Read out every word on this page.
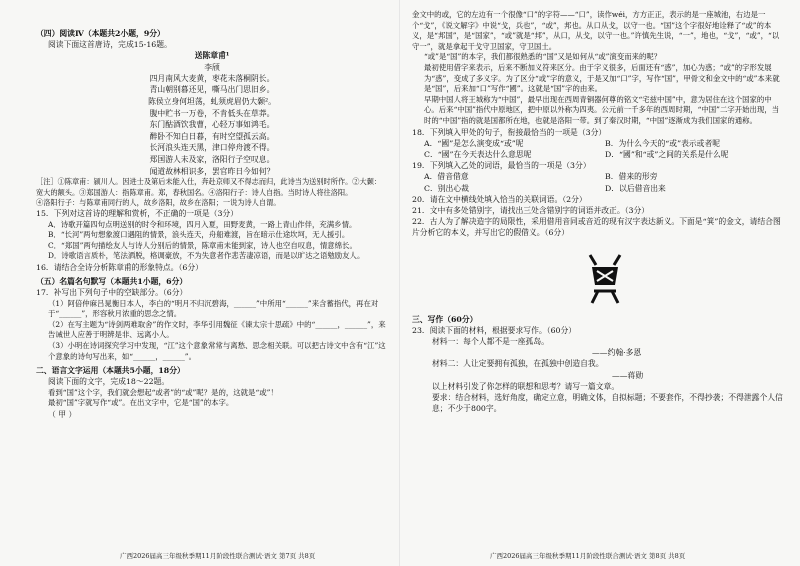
（四）阅读Ⅳ（本题共2小题，9分）
阅读下面这首唐诗，完成15-16题。
送陈章甫¹
李颀
四月南风大麦黄，枣花未落桐阴长。
青山朝别暮还见，嘶马出门思旧乡。
陈侯立身何坦荡，虬须虎眉仍大颡²。
腹中贮书一万卷，不肯低头在草莽。
东门酤酒饮我曹，心轻万事如鸿毛。
醉卧不知白日暮，有时空望孤云高。
长河浪头连天黑，津口停舟渡不得。
郑国游人未及家，洛阳行子空叹息。
闻道故林相识多，罢官昨日今如何？
［注］①陈章甫：颍川人。因进士及第后未能入仕，奔赴京师又不得志而归，此诗当为送别时所作。②大颡：宽大的额头。③郑国游人：指陈章甫。郑，春秋国名。④洛阳行子：诗人自指。当时诗人将往洛阳。
④洛阳行子：与陈章甫同行的人，故乡洛阳，故乡在洛阳；一说为诗人自谓。
15．下列对这首诗的理解和赏析，不正确的一项是（3分）
A．诗歌开篇四句点明送别的时令和环境，四月入夏，田野麦黄，一路上青山作伴，充满乡情。
B．“长河”两句想象渡口遇阻的情景，浪头连天，舟船难渡，旨在暗示仕途坎坷，无人援引。
C．“郑国”两句描绘友人与诗人分别后的情景，陈章甫未能到家，诗人也空自叹息，情意绵长。
D．诗歌语言质朴，笔法洒脱，格调豪放，不为失意者作悲苦凄凉语，而是以旷达之语勉励友人。
16．请结合全诗分析陈章甫的形象特点。（6分）
（五）名篇名句默写（本题共1小题，6分）
17．补写出下列句子中的空缺部分。（6分）
（1）阿倍仲麻吕晁衡日本人，李白的“明月不归沉碧海，______”中所用“______”来含蓄指代，再在对于“______”，形容秋月浓重的思念之情。
（2）在写主题为“诗剑两难取舍”的作文时，李华引用魏征《谏太宗十思疏》中的“______，______”，来告诫世人应善于明辨是非、远离小人。
（3）小明在诗词探究学习中发现，“江”这个意象常常与离愁、思念相关联。可以把古诗文中含有“江”这个意象的诗句写出来，如“______，______”。
二、语言文字运用（本题共5小题，18分）
阅读下面的文字，完成18～22题。
看到“国”这个字，我们就会想起“或者”的“或”呢？是的，这就是“或”！
最初“国”字就写作“或”。在出文字中，它是“国”的本字。
（ 甲 ）
广西2026届高三年级秋季期11月阶段性联合测试·语文 第7页 共8页
金文中的或，它的左边有一个很像“口”的字符——“口”，读作wéi，方方正正，表示的是一座城池，右边是一个“戈”，《说文解字》中说“戈，兵也”，“或”，邦也。从口从戈，以守一也。“国”这个字很好地诠释了“或”的本义，是“邦国”，是“国家”，“或”就是“邦”，从口，从戈，以守一也。”许慎先生说，“一”，地也，“戈”，“或”，“以守一”，就是拿起干戈守卫国家，守卫国土。
“或”是“国”的本字，我们都很熟悉的“国”又是如何从“或”演变而来的呢？
最初使用借字来表示，后来不断加义符来区分。由于字义很多，后面还有“惑”，加心为惑；“或”的字形发展为“惑”，变成了多义字。为了区分“或”字的意义，于是又加“口”字，写作“国”，甲骨文和金文中的“或”本来就是“国”，后来加“口”写作“國”。这就是“国”字的由来。
早期中国人将王城称为“中国”，最早出现在西周青铜器何尊的铭文“宅兹中国”中，意为居住在这个国家的中心。后来“中国”指代中原地区，把中原以外称为四夷。公元前一千多年的西周时期，“中国”二字开始出现，当时的“中国”指的就是国都所在地，也就是洛阳一带。到了秦汉时期，“中国”逐渐成为我们国家的通称。
18．下列填入甲处的句子，衔接最恰当的一项是（3分）
A．“國”是怎么演变成“或”呢	B．为什么今天的“或”表示或者呢
C．“國”在今天表达什么意思呢	D．“國”和“或”之间的关系是什么呢
19．下列填入乙处的词语，最恰当的一项是（3分）
A．借音借意	B．借来的形旁
C．别出心裁	D．以后借音出来
20．请在文中横线处填入恰当的关联词语。（2分）
21．文中有多处错别字，请找出三处含错别字的词语并改正。（3分）
22．古人为了解决造字的局限性，采用借用音同或音近的现有汉字表达新义。下面是“箕”的金文，请结合图片分析它的本义，并写出它的假借义。（6分）
三、写作（60分）
23．阅读下面的材料，根据要求写作。（60分）
材料一：每个人都不是一座孤岛。
——约翰·多恩
材料二：人让定要拥有孤独，在孤独中创造自我。
——蒋勋
以上材料引发了你怎样的联想和思考？请写一篇文章。
要求：结合材料，选好角度，确定立意，明确文体，自拟标题；不要套作，不得抄袭；不得泄露个人信息；不少于800字。
广西2026届高三年级秋季期11月阶段性联合测试·语文 第8页 共8页
